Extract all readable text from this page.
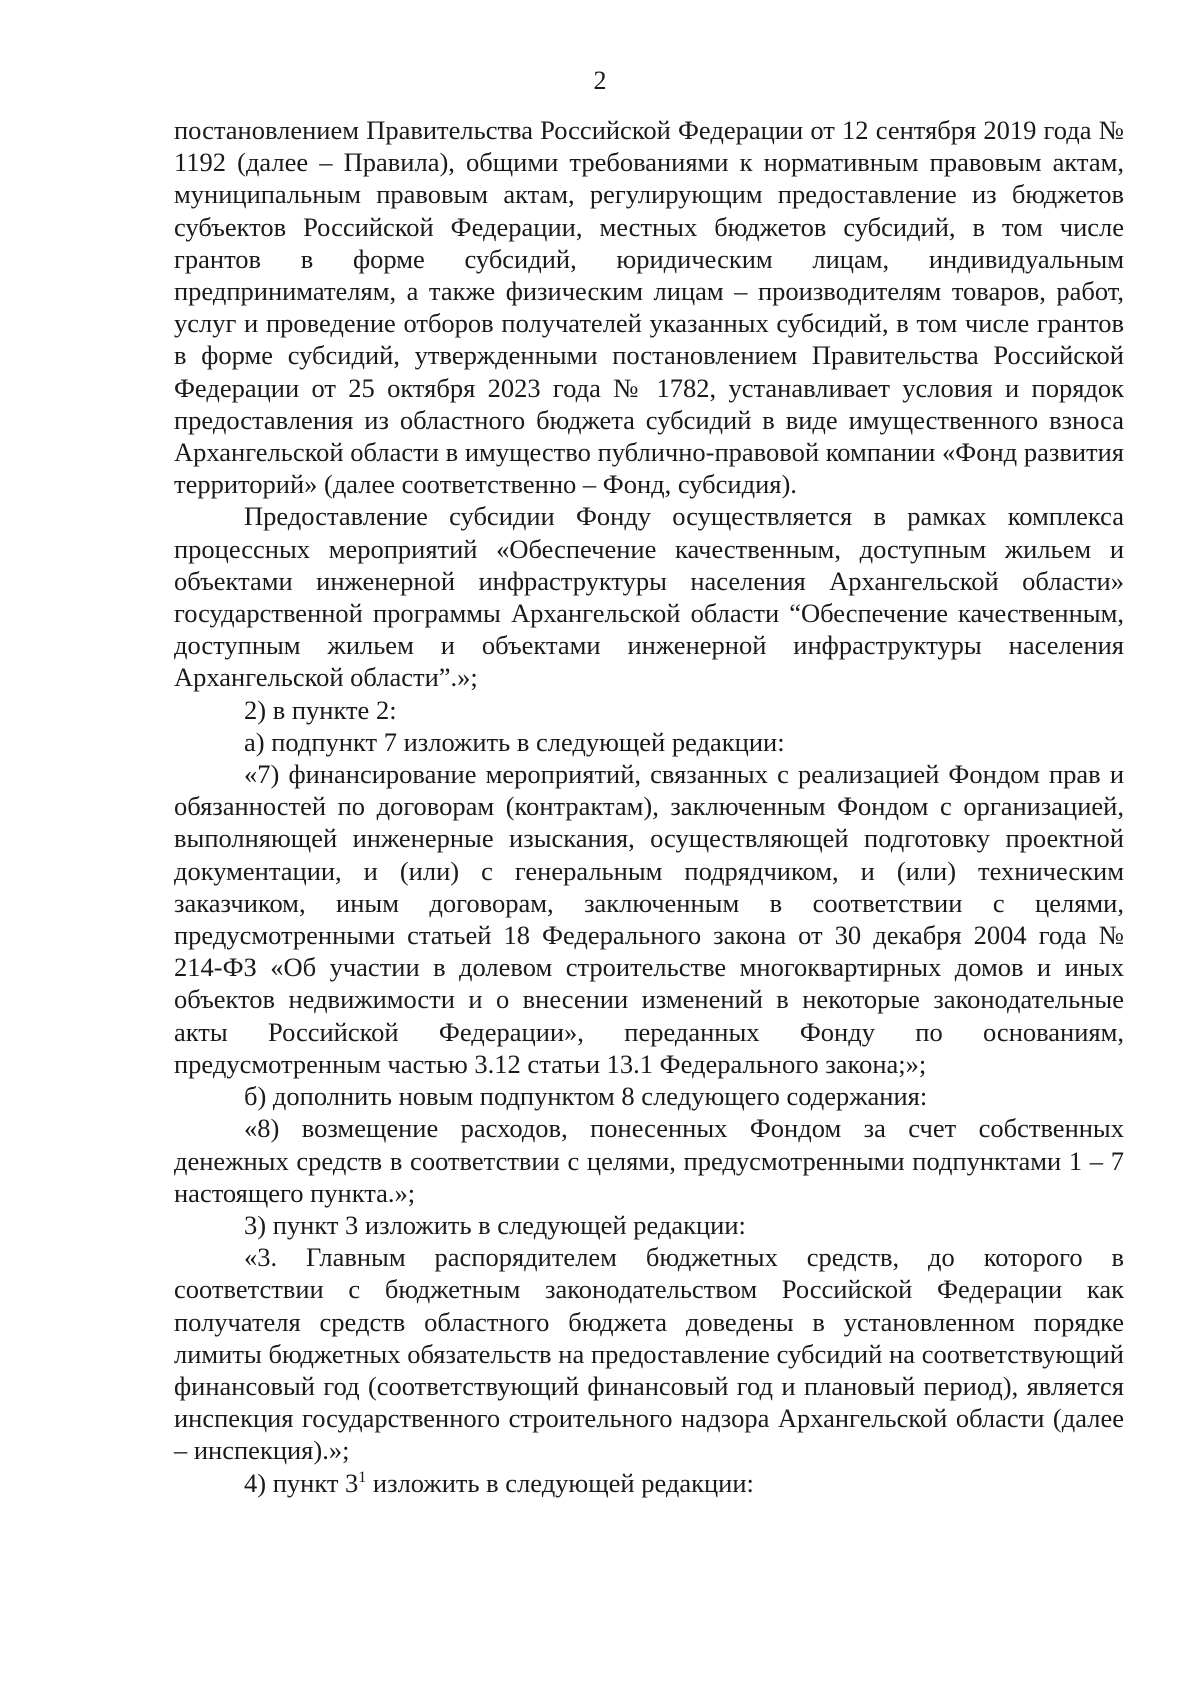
2

постановлением Правительства Российской Федерации от 12 сентября 2019 года № 1192 (далее – Правила), общими требованиями к нормативным правовым актам, муниципальным правовым актам, регулирующим предоставление из бюджетов субъектов Российской Федерации, местных бюджетов субсидий, в том числе грантов в форме субсидий, юридическим лицам, индивидуальным предпринимателям, а также физическим лицам – производителям товаров, работ, услуг и проведение отборов получателей указанных субсидий, в том числе грантов в форме субсидий, утвержденными постановлением Правительства Российской Федерации от 25 октября 2023 года № 1782, устанавливает условия и порядок предоставления из областного бюджета субсидий в виде имущественного взноса Архангельской области в имущество публично-правовой компании «Фонд развития территорий» (далее соответственно – Фонд, субсидия).

Предоставление субсидии Фонду осуществляется в рамках комплекса процессных мероприятий «Обеспечение качественным, доступным жильем и объектами инженерной инфраструктуры населения Архангельской области» государственной программы Архангельской области “Обеспечение качественным, доступным жильем и объектами инженерной инфраструктуры населения Архангельской области”.»;

2) в пункте 2:

а) подпункт 7 изложить в следующей редакции:

«7) финансирование мероприятий, связанных с реализацией Фондом прав и обязанностей по договорам (контрактам), заключенным Фондом с организацией, выполняющей инженерные изыскания, осуществляющей подготовку проектной документации, и (или) с генеральным подрядчиком, и (или) техническим заказчиком, иным договорам, заключенным в соответствии с целями, предусмотренными статьей 18 Федерального закона от 30 декабря 2004 года № 214-ФЗ «Об участии в долевом строительстве многоквартирных домов и иных объектов недвижимости и о внесении изменений в некоторые законодательные акты Российской Федерации», переданных Фонду по основаниям, предусмотренным частью 3.12 статьи 13.1 Федерального закона;»;

б) дополнить новым подпунктом 8 следующего содержания:

«8) возмещение расходов, понесенных Фондом за счет собственных денежных средств в соответствии с целями, предусмотренными подпунктами 1 – 7 настоящего пункта.»;

3) пункт 3 изложить в следующей редакции:

«3. Главным распорядителем бюджетных средств, до которого в соответствии с бюджетным законодательством Российской Федерации как получателя средств областного бюджета доведены в установленном порядке лимиты бюджетных обязательств на предоставление субсидий на соответствующий финансовый год (соответствующий финансовый год и плановый период), является инспекция государственного строительного надзора Архангельской области (далее – инспекция).»;

4) пункт $3^1$ изложить в следующей редакции:
